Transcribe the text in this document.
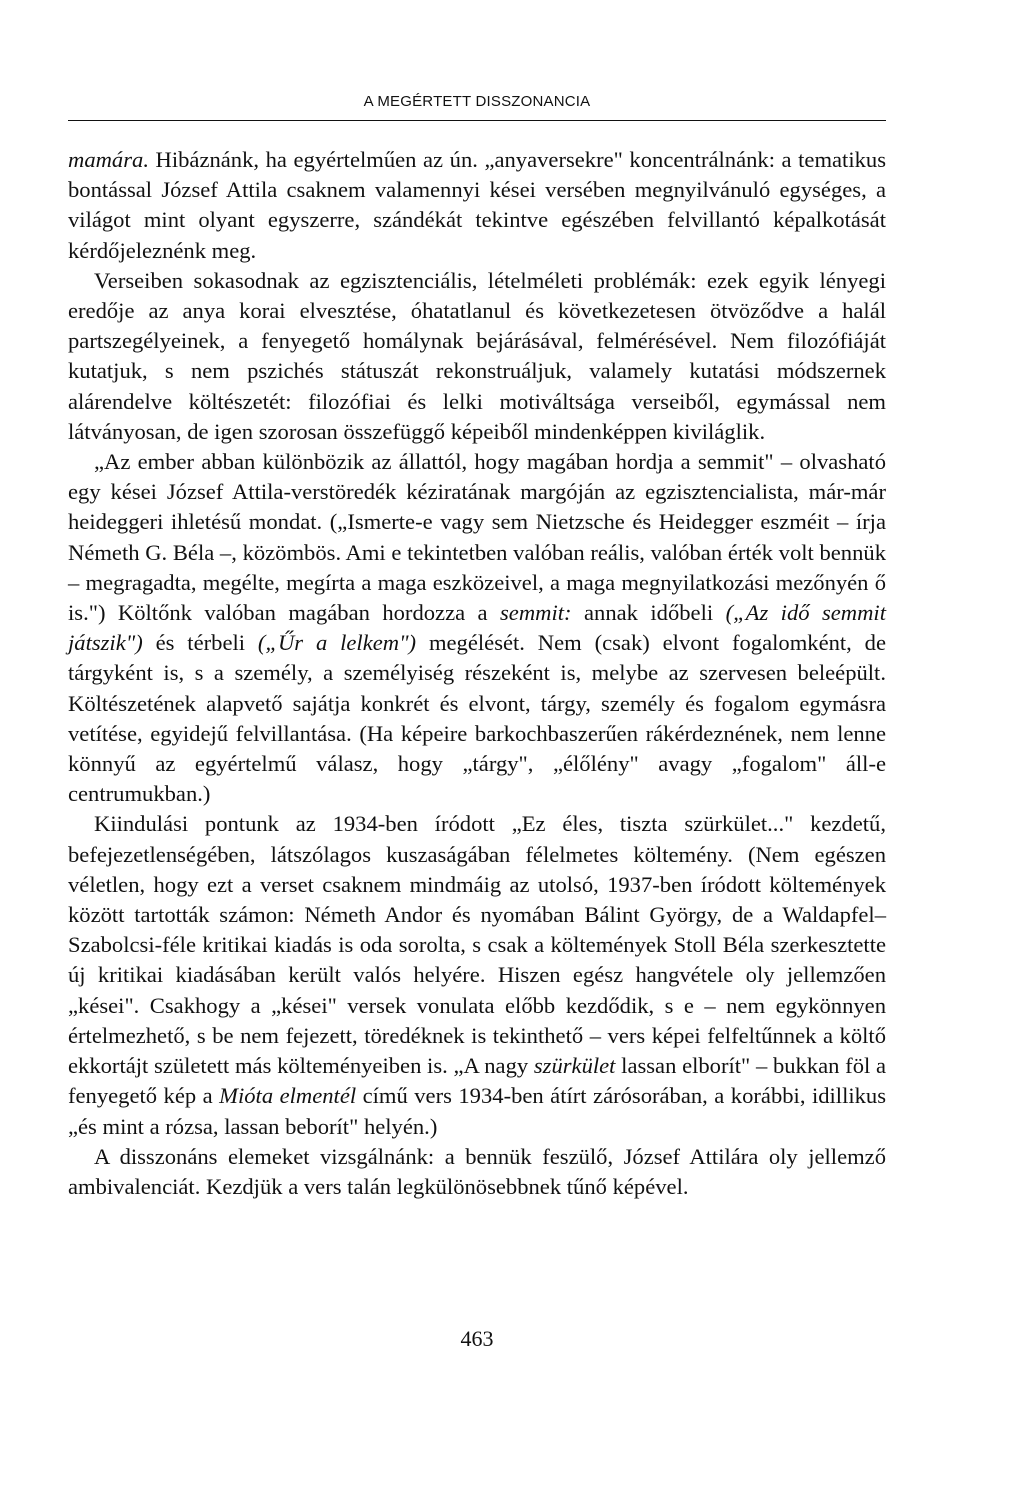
A MEGÉRTETT DISSZONANCIA

mamára. Hibáznánk, ha egyértelműen az ún. „anyaversekre" koncentrálnánk: a tematikus bontással József Attila csaknem valamennyi kései versében megnyilvánuló egységes, a világot mint olyant egyszerre, szándékát tekintve egészében felvillantó képalkotását kérdőjeleznénk meg.

Verseiben sokasodnak az egzisztenciális, lételméleti problémák: ezek egyik lényegi eredője az anya korai elvesztése, óhatatlanul és következetesen ötvöződve a halál partszegélyeinek, a fenyegető homálynak bejárásával, felmérésével. Nem filozófiáját kutatjuk, s nem pszichés státuszát rekonstruáljuk, valamely kutatási módszernek alárendelve költészetét: filozófiai és lelki motiváltsága verseiből, egymással nem látványosan, de igen szorosan összefüggő képeiből mindenképpen kiviláglik.

„Az ember abban különbözik az állattól, hogy magában hordja a semmit" – olvasható egy kései József Attila-verstöredék kéziratának margóján az egzisztencialista, már-már heideggeri ihletésű mondat. („Ismerte-e vagy sem Nietzsche és Heidegger eszméit – írja Németh G. Béla –, közömbös. Ami e tekintetben valóban reális, valóban érték volt bennük – megragadta, megélte, megírta a maga eszközeivel, a maga megnyilatkozási mezőnyén ő is.") Költőnk valóban magában hordozza a semmit: annak időbeli („Az idő semmit játszik") és térbeli („Űr a lelkem") megélését. Nem (csak) elvont fogalomként, de tárgyként is, s a személy, a személyiség részeként is, melybe az szervesen beleépült. Költészetének alapvető sajátja konkrét és elvont, tárgy, személy és fogalom egymásra vetítése, egyidejű felvillantása. (Ha képeire barkochbaszerűen rákérdeznének, nem lenne könnyű az egyértelmű válasz, hogy „tárgy", „élőlény" avagy „fogalom" áll-e centrumukban.)

Kiindulási pontunk az 1934-ben íródott „Ez éles, tiszta szürkület..." kezdetű, befejezetlenségében, látszólagos kuszaságában félelmetes költemény. (Nem egészen véletlen, hogy ezt a verset csaknem mindmáig az utolsó, 1937-ben íródott költemények között tartották számon: Németh Andor és nyomában Bálint György, de a Waldapfel–Szabolcsi-féle kritikai kiadás is oda sorolta, s csak a költemények Stoll Béla szerkesztette új kritikai kiadásában került valós helyére. Hiszen egész hangvétele oly jellemzően „kései". Csakhogy a „kései" versek vonulata előbb kezdődik, s e – nem egykönnyen értelmezhető, s be nem fejezett, töredéknek is tekinthető – vers képei felfeltűnnek a költő ekkortájt született más költeményeiben is. „A nagy szürkület lassan elborít" – bukkan föl a fenyegető kép a Mióta elmentél című vers 1934-ben átírt zárósorában, a korábbi, idillikus „és mint a rózsa, lassan beborít" helyén.)

A disszonáns elemeket vizsgálnánk: a bennük feszülő, József Attilára oly jellemző ambivalenciát. Kezdjük a vers talán legkülönösebbnek tűnő képével.

463
